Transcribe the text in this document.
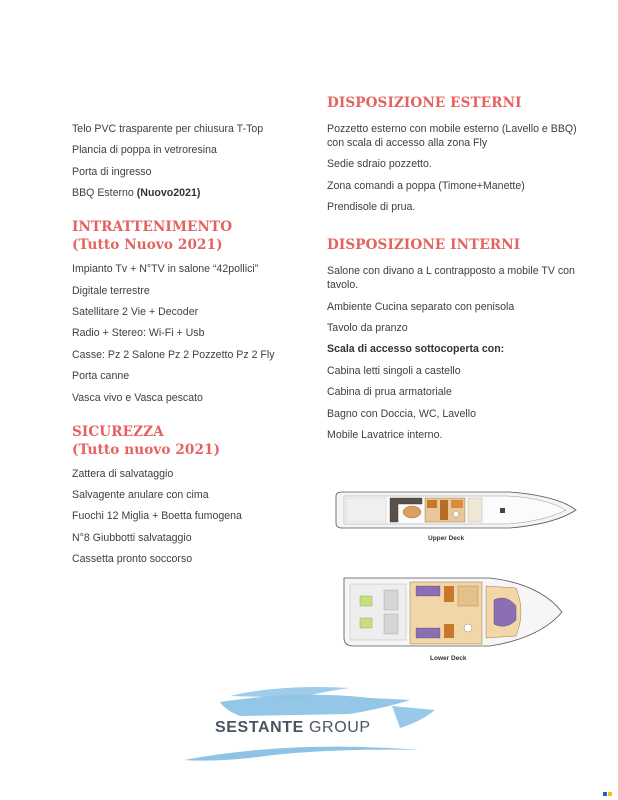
Telo PVC trasparente per chiusura T-Top
Plancia di poppa in vetroresina
Porta di ingresso
BBQ Esterno (Nuovo2021)
INTRATTENIMENTO
(Tutto Nuovo 2021)
Impianto Tv + N°TV in salone “42pollici”
Digitale terrestre
Satellitare 2 Vie + Decoder
Radio + Stereo: Wi-Fi + Usb
Casse: Pz 2 Salone Pz 2 Pozzetto Pz 2 Fly
Porta canne
Vasca vivo e Vasca pescato
SICUREZZA
(Tutto nuovo 2021)
Zattera di salvataggio
Salvagente anulare con cima
Fuochi 12 Miglia + Boetta fumogena
N°8 Giubbotti salvataggio
Cassetta pronto soccorso
DISPOSIZIONE ESTERNI
Pozzetto esterno con mobile esterno (Lavello e BBQ) con scala di accesso alla zona Fly
Sedie sdraio pozzetto.
Zona comandi a poppa (Timone+Manette)
Prendisole di prua.
DISPOSIZIONE INTERNI
Salone con divano a L contrapposto a mobile TV con tavolo.
Ambiente Cucina separato con penisola
Tavolo da pranzo
Scala di accesso sottocoperta con:
Cabina letti singoli a castello
Cabina di prua armatoriale
Bagno con Doccia, WC, Lavello
Mobile Lavatrice interno.
Upper Deck
Lower Deck
SESTANTE GROUP
